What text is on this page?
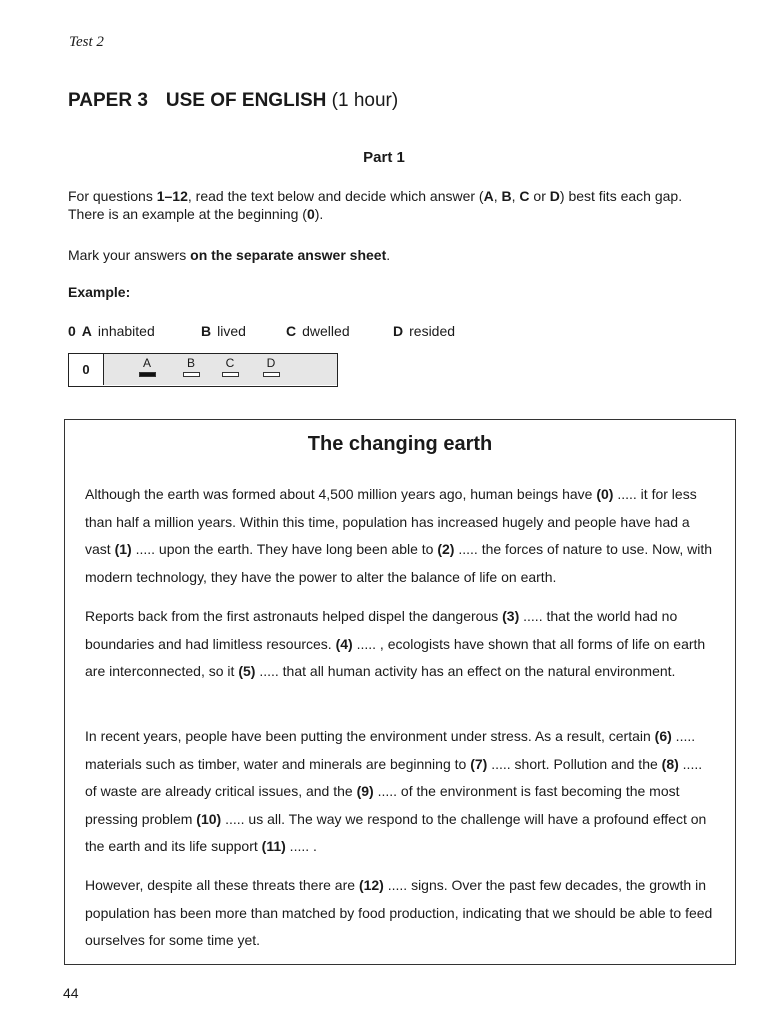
Test 2
PAPER 3 USE OF ENGLISH (1 hour)
Part 1
For questions 1–12, read the text below and decide which answer (A, B, C or D) best fits each gap.
There is an example at the beginning (0).
Mark your answers on the separate answer sheet.
Example:
0 A inhabited	B lived	C dwelled	D resided
0	A	B	C	D
The changing earth

Although the earth was formed about 4,500 million years ago, human beings have (0) ..... it for less than half a million years. Within this time, population has increased hugely and people have had a vast (1) ..... upon the earth. They have long been able to (2) ..... the forces of nature to use. Now, with modern technology, they have the power to alter the balance of life on earth.

Reports back from the first astronauts helped dispel the dangerous (3) ..... that the world had no boundaries and had limitless resources. (4) ..... , ecologists have shown that all forms of life on earth are interconnected, so it (5) ..... that all human activity has an effect on the natural environment.

In recent years, people have been putting the environment under stress. As a result, certain (6) ..... materials such as timber, water and minerals are beginning to (7) ..... short. Pollution and the (8) ..... of waste are already critical issues, and the (9) ..... of the environment is fast becoming the most pressing problem (10) ..... us all. The way we respond to the challenge will have a profound effect on the earth and its life support (11) ..... .

However, despite all these threats there are (12) ..... signs. Over the past few decades, the growth in population has been more than matched by food production, indicating that we should be able to feed ourselves for some time yet.

44
